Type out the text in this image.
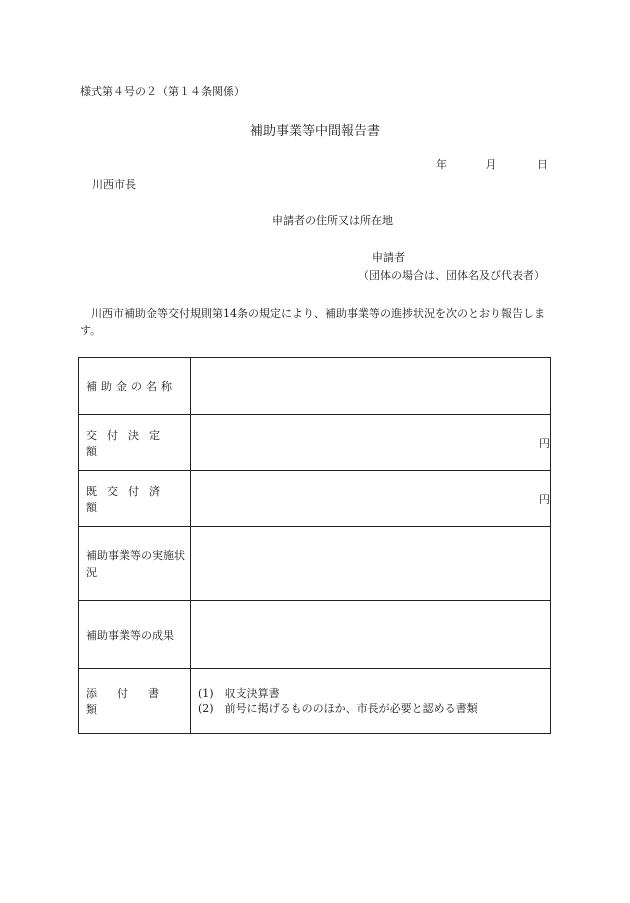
様式第４号の２（第１４条関係）
補助事業等中間報告書
年	月	日
川西市長
申請者の住所又は所在地
申請者
（団体の場合は、団体名及び代表者）
川西市補助金等交付規則第14条の規定により、補助事業等の進捗状況を次のとおり報告します。
補助金の名称	
交付決定額	円
既交付済額	円
補助事業等の実施状況	
補助事業等の成果	
添付書類	(1)　収支決算書
(2)　前号に掲げるもののほか、市長が必要と認める書類
